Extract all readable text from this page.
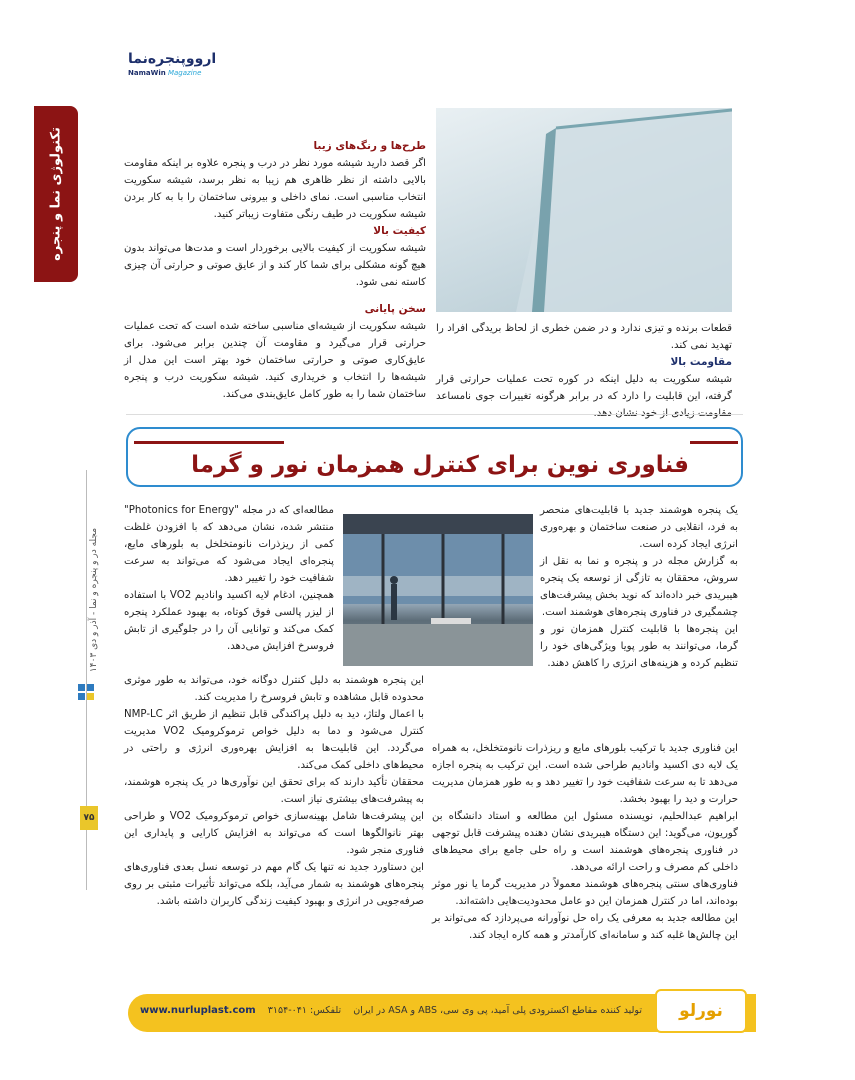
ارووپنجره‌نما
NamaWin Magazine
تکنولوژی نما و پنجره
مجله در و پنجره و نما - آذر و دی ۱۴۰۳
۷۵

طرح‌ها و رنگ‌های زیبا

اگر قصد دارید شیشه مورد نظر در درب و پنجره علاوه بر اینکه مقاومت بالایی داشته از نظر ظاهری هم زیبا به نظر برسد، شیشه سکوریت انتخاب مناسبی است. نمای داخلی و بیرونی ساختمان را با به کار بردن شیشه سکوریت در طیف رنگی متفاوت زیباتر کنید.

کیفیت بالا

شیشه سکوریت از کیفیت بالایی برخوردار است و مدت‌ها می‌تواند بدون هیچ گونه مشکلی برای شما کار کند و از عایق صوتی و حرارتی آن چیزی کاسته نمی شود.

سخن پایانی

شیشه سکوریت از شیشه‌ای مناسبی ساخته شده است که تحت عملیات حرارتی قرار می‌گیرد و مقاومت آن چندین برابر می‌شود. برای عایق‌کاری صوتی و حرارتی ساختمان خود بهتر است این مدل از شیشه‌ها را انتخاب و خریداری کنید. شیشه سکوریت درب و پنجره ساختمان شما را به طور کامل عایق‌بندی می‌کند.

قطعات برنده و تیزی ندارد و در ضمن خطری از لحاظ بریدگی افراد را تهدید نمی کند.

مقاومت بالا

شیشه سکوریت به دلیل اینکه در کوره تحت عملیات حرارتی قرار گرفته، این قابلیت را دارد که در برابر هرگونه تغییرات جوی نامساعد

فناوری نوین برای کنترل همزمان نور و گرما

یک پنجره هوشمند جدید با قابلیت‌های منحصر به فرد، انقلابی در صنعت ساختمان و بهره‌وری انرژی ایجاد کرده است.

به گزارش مجله در و پنجره و نما به نقل از سروش، محققان به تازگی از توسعه یک پنجره هیبریدی خبر داده‌اند که نوید بخش پیشرفت‌های چشمگیری در فناوری پنجره‌های هوشمند است.

این پنجره‌ها با قابلیت کنترل همزمان نور و گرما، می‌توانند به طور پویا ویژگی‌های خود را تنظیم کرده و هزینه‌های انرژی را کاهش دهند.

این فناوری جدید با ترکیب بلورهای مایع و ریزذرات نانومتخلخل، به همراه یک لایه دی اکسید وانادیم طراحی شده است. این ترکیب به پنجره اجازه می‌دهد تا به سرعت شفافیت خود را تغییر دهد و به طور همزمان مدیریت حرارت و دید را بهبود بخشد.

ابراهیم عبدالحلیم، نویسنده مسئول این مطالعه و استاد دانشگاه بن گوریون، می‌گوید: این دستگاه هیبریدی نشان دهنده پیشرفت قابل توجهی در فناوری پنجره‌های هوشمند است و راه حلی جامع برای محیط‌های داخلی کم مصرف و راحت ارائه می‌دهد.

فناوری‌های سنتی پنجره‌های هوشمند معمولاً در مدیریت گرما یا نور موثر بوده‌اند، اما در کنترل همزمان این دو عامل محدودیت‌هایی داشته‌اند.

این مطالعه جدید به معرفی یک راه حل نوآورانه می‌پردازد که می‌تواند بر این چالش‌ها غلبه کند و سامانه‌ای کارآمدتر و همه کاره ایجاد کند.

مطالعه‌ای که در مجله "Photonics for Energy" منتشر شده، نشان می‌دهد که با افزودن غلظت کمی از ریزذرات نانومتخلخل به بلورهای مایع، پنجره‌ای ایجاد می‌شود که می‌تواند به سرعت شفافیت خود را تغییر دهد.

همچنین، ادغام لایه اکسید وانادیم VO2 با استفاده از لیزر پالسی فوق کوتاه، به بهبود عملکرد پنجره کمک می‌کند و توانایی آن را در جلوگیری از تابش فروسرخ افزایش می‌دهد.

این پنجره هوشمند به دلیل کنترل دوگانه خود، می‌تواند به طور موثری محدوده قابل مشاهده و تابش فروسرخ را مدیریت کند.

با اعمال ولتاژ، دید به دلیل پراکندگی قابل تنظیم از طریق اثر NMP-LC کنترل می‌شود و دما به دلیل خواص ترموکرومیک VO2 مدیریت می‌گردد. این قابلیت‌ها به افزایش بهره‌وری انرژی و راحتی در محیط‌های داخلی کمک می‌کند.

محققان تأکید دارند که برای تحقق این نوآوری‌ها در یک پنجره هوشمند، به پیشرفت‌های بیشتری نیاز است.

این پیشرفت‌ها شامل بهینه‌سازی خواص ترموکرومیک VO2 و طراحی بهتر نانوالگوها است که می‌تواند به افزایش کارایی و پایداری این فناوری منجر شود.

این دستاورد جدید نه تنها یک گام مهم در توسعه نسل بعدی فناوری‌های پنجره‌های هوشمند به شمار می‌آید، بلکه می‌تواند تأثیرات مثبتی بر روی صرفه‌جویی در انرژی و بهبود کیفیت زندگی کاربران داشته باشد.

www.nurluplast.com	تولید کننده مقاطع اکسترودی پلی آمید، پی وی سی، ABS و ASA در ایران    تلفکس: ۰۴۱-۳۱۵۴	نورلو
